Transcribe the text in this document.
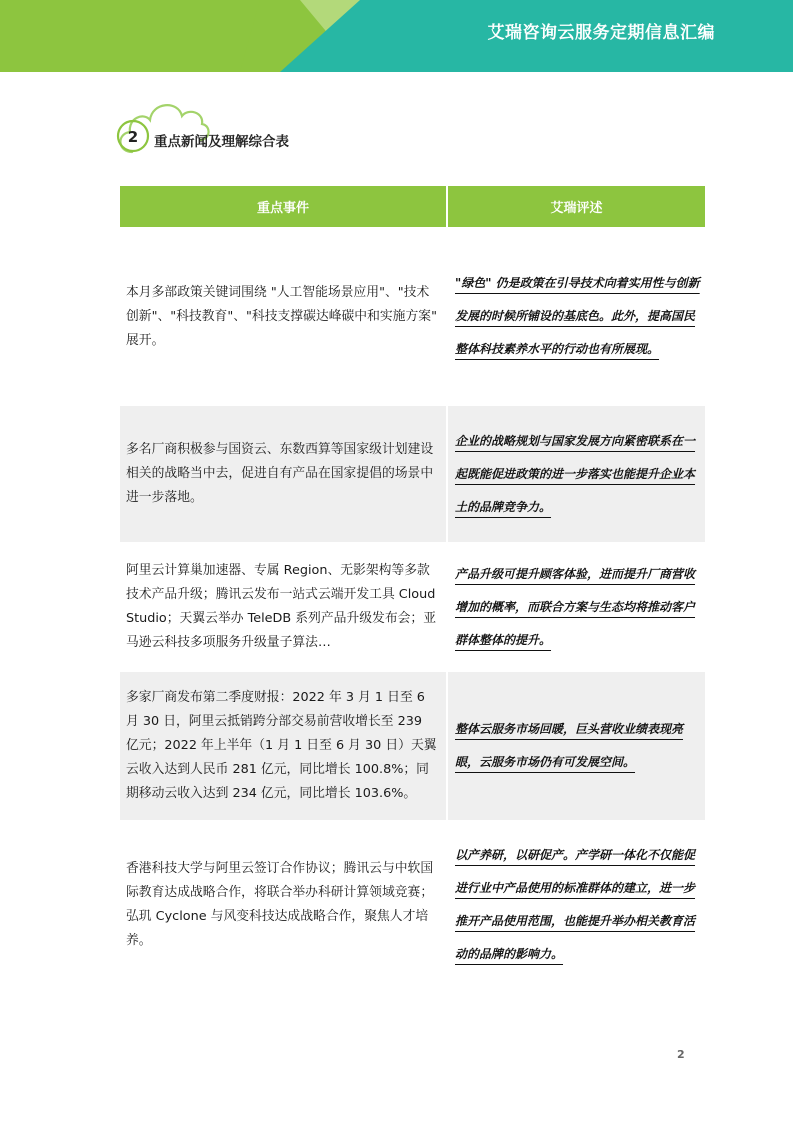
艾瑞咨询云服务定期信息汇编
2	重点新闻及理解综合表
重点事件	艾瑞评述
本月多部政策关键词围绕 "人工智能场景应用"、"技术创新"、"科技教育"、"科技支撑碳达峰碳中和实施方案" 展开。
"绿色" 仍是政策在引导技术向着实用性与创新发展的时候所铺设的基底色。此外，提高国民整体科技素养水平的行动也有所展现。
多名厂商积极参与国资云、东数西算等国家级计划建设相关的战略当中去，促进自有产品在国家提倡的场景中进一步落地。
企业的战略规划与国家发展方向紧密联系在一起既能促进政策的进一步落实也能提升企业本土的品牌竞争力。
阿里云计算巢加速器、专属 Region、无影架构等多款技术产品升级；腾讯云发布一站式云端开发工具 Cloud Studio；天翼云举办 TeleDB 系列产品升级发布会；亚马逊云科技多项服务升级量子算法…
产品升级可提升顾客体验，进而提升厂商营收增加的概率，而联合方案与生态均将推动客户群体整体的提升。
多家厂商发布第二季度财报：2022 年 3 月 1 日至 6 月 30 日，阿里云抵销跨分部交易前营收增长至 239 亿元；2022 年上半年（1 月 1 日至 6 月 30 日）天翼云收入达到人民币 281 亿元，同比增长 100.8%；同期移动云收入达到 234 亿元，同比增长 103.6%。
整体云服务市场回暖，巨头营收业绩表现亮眼，云服务市场仍有可发展空间。
香港科技大学与阿里云签订合作协议；腾讯云与中软国际教育达成战略合作，将联合举办科研计算领域竞赛；弘玑 Cyclone 与风变科技达成战略合作，聚焦人才培养。
以产养研，以研促产。产学研一体化不仅能促进行业中产品使用的标准群体的建立，进一步推开产品使用范围，也能提升举办相关教育活动的品牌的影响力。
2
